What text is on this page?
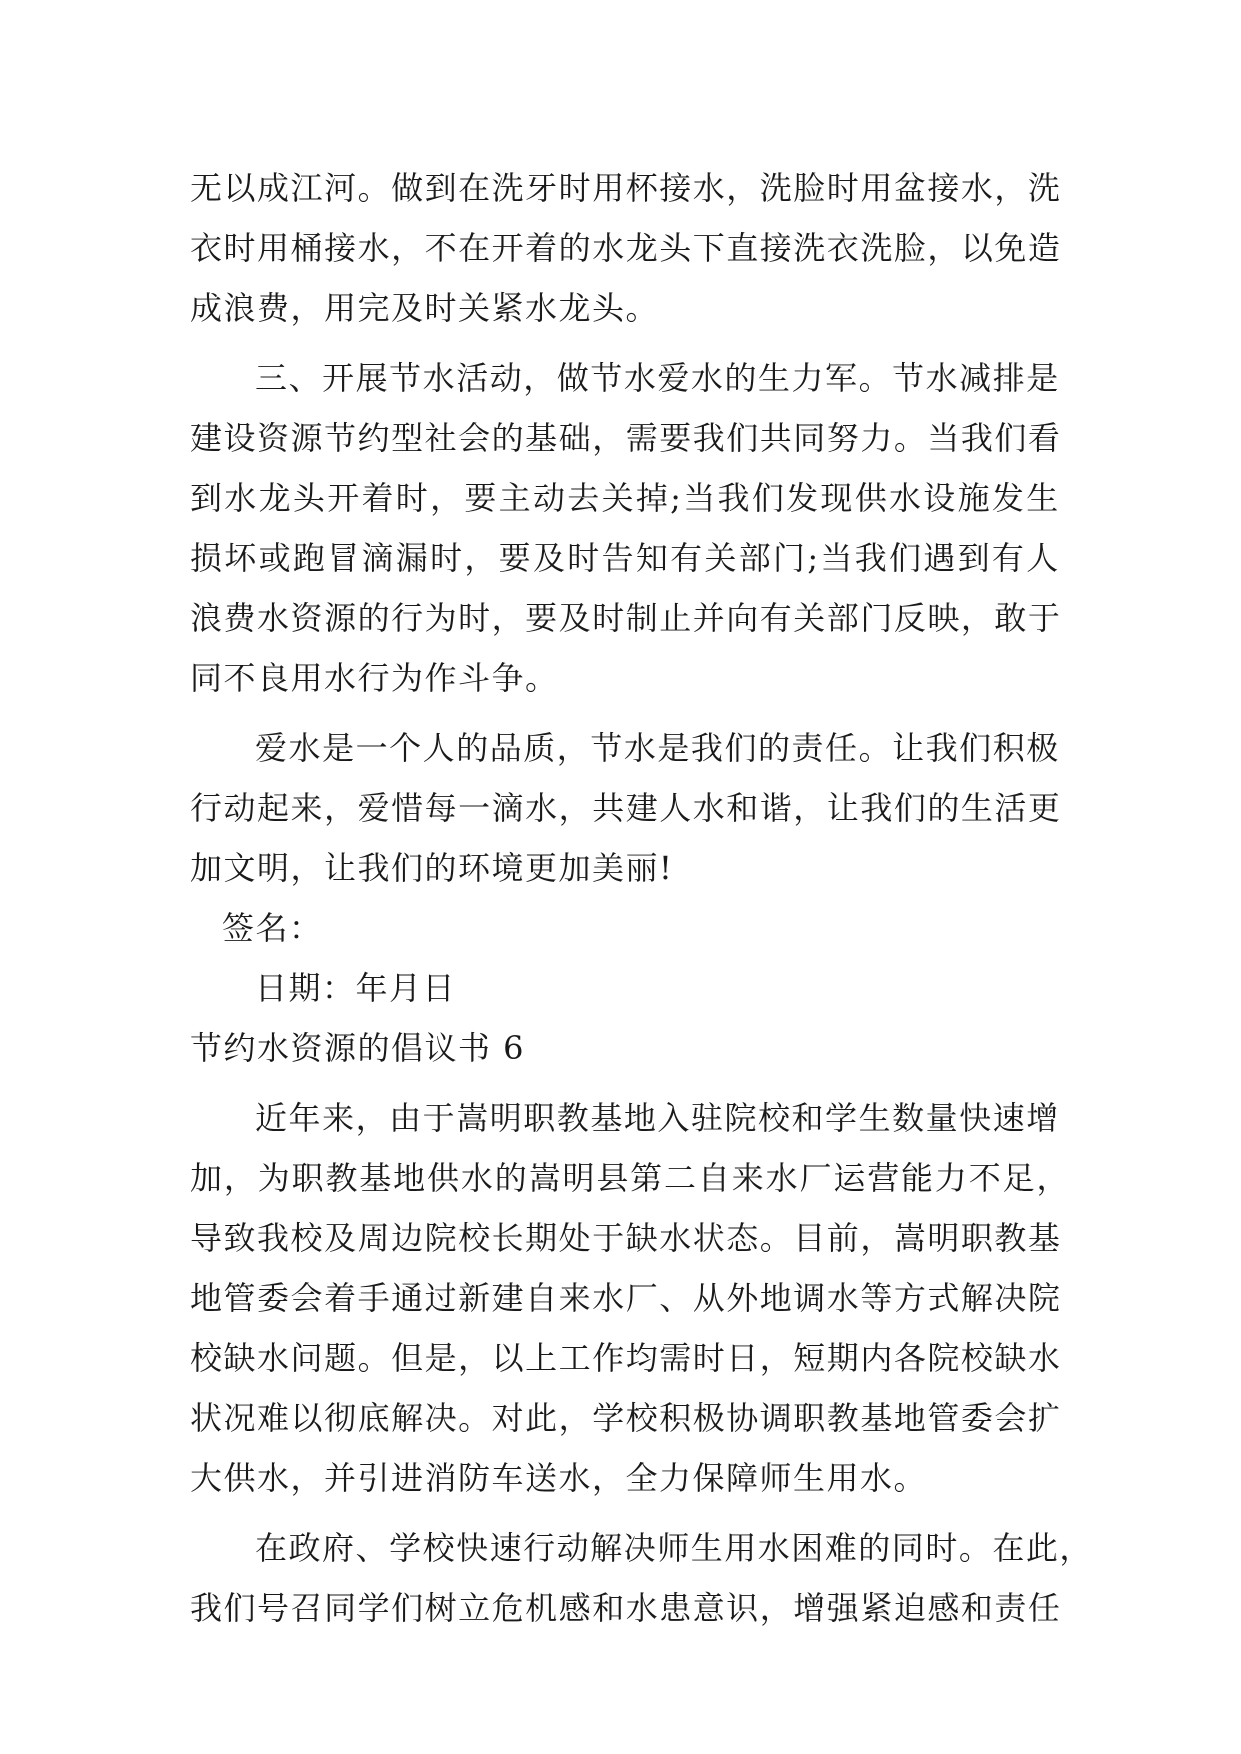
无 以 成 江 河 。 做 到 在 洗 牙 时 用 杯 接 水 ， 洗 脸 时 用 盆 接 水 ， 洗
衣 时 用 桶 接 水 ， 不 在 开 着 的 水 龙 头 下 直 接 洗 衣 洗 脸 ， 以 免 造
成浪费，用完及时关紧水龙头。
三 、 开 展 节 水 活 动 ， 做 节 水 爱 水 的 生 力 军 。 节 水 减 排 是
建 设 资 源 节 约 型 社 会 的 基 础 ， 需 要 我 们 共 同 努 力 。 当 我 们 看
到 水 龙 头 开 着 时 ， 要 主 动 去 关 掉 ; 当 我 们 发 现 供 水 设 施 发 生
损 坏 或 跑 冒 滴 漏 时 ， 要 及 时 告 知 有 关 部 门 ; 当 我 们 遇 到 有 人
浪 费 水 资 源 的 行 为 时 ， 要 及 时 制 止 并 向 有 关 部 门 反 映 ， 敢 于
同不良用水行为作斗争。
爱 水 是 一 个 人 的 品 质 ， 节 水 是 我 们 的 责 任 。 让 我 们 积 极
行 动 起 来 ， 爱 惜 每 一 滴 水 ， 共 建 人 水 和 谐 ， 让 我 们 的 生 活 更
加文明，让我们的环境更加美丽!
签名：
日期：年月日
节约水资源的倡议书 6
近 年 来 ， 由 于 嵩 明 职 教 基 地 入 驻 院 校 和 学 生 数 量 快 速 增
加 ， 为 职 教 基 地 供 水 的 嵩 明 县 第 二 自 来 水 厂 运 营 能 力 不 足 ，
导 致 我 校 及 周 边 院 校 长 期 处 于 缺 水 状 态 。 目 前 ， 嵩 明 职 教 基
地 管 委 会 着 手 通 过 新 建 自 来 水 厂 、 从 外 地 调 水 等 方 式 解 决 院
校 缺 水 问 题 。 但 是 ， 以 上 工 作 均 需 时 日 ， 短 期 内 各 院 校 缺 水
状 况 难 以 彻 底 解 决 。 对 此 ， 学 校 积 极 协 调 职 教 基 地 管 委 会 扩
大供水，并引进消防车送水，全力保障师生用水。
在 政 府 、 学 校 快 速 行 动 解 决 师 生 用 水 困 难 的 同 时 。 在 此 ，
我 们 号 召 同 学 们 树 立 危 机 感 和 水 患 意 识 ， 增 强 紧 迫 感 和 责 任
